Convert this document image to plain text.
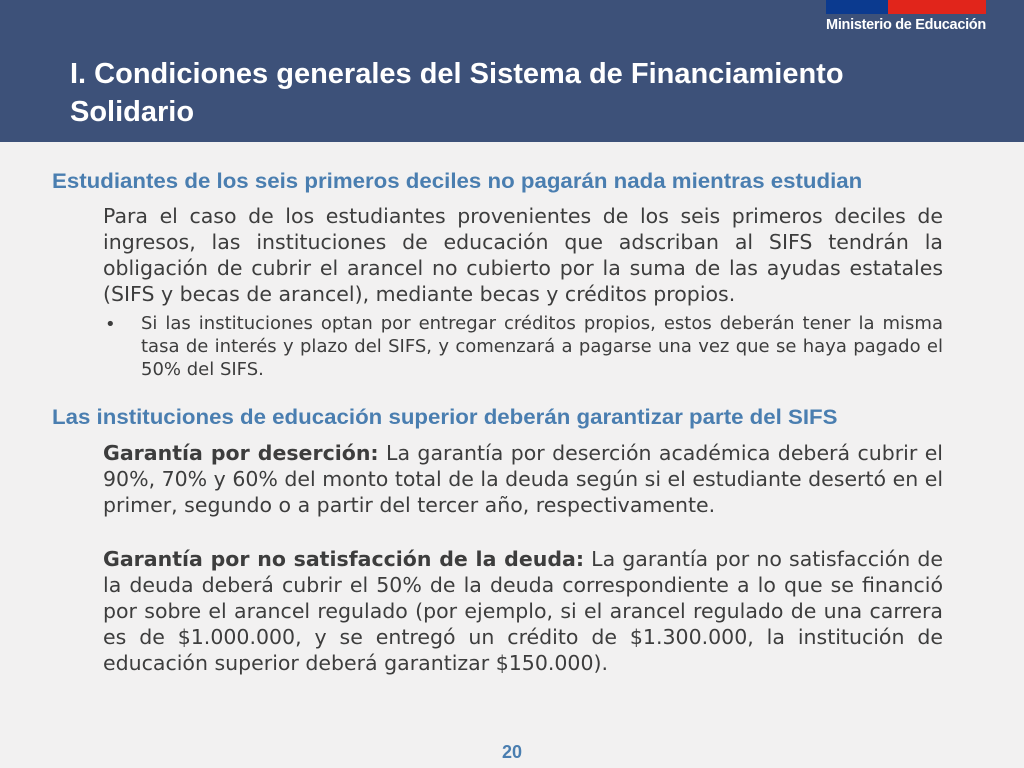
Ministerio de Educación
I. Condiciones generales del Sistema de Financiamiento Solidario
Estudiantes de los seis primeros deciles no pagarán nada mientras estudian
Para el caso de los estudiantes provenientes de los seis primeros deciles de ingresos, las instituciones de educación que adscriban al SIFS tendrán la obligación de cubrir el arancel no cubierto por la suma de las ayudas estatales (SIFS y becas de arancel), mediante becas y créditos propios.
• Si las instituciones optan por entregar créditos propios, estos deberán tener la misma tasa de interés y plazo del SIFS, y comenzará a pagarse una vez que se haya pagado el 50% del SIFS.
Las instituciones de educación superior deberán garantizar parte del SIFS
Garantía por deserción: La garantía por deserción académica deberá cubrir el 90%, 70% y 60% del monto total de la deuda según si el estudiante desertó en el primer, segundo o a partir del tercer año, respectivamente.
Garantía por no satisfacción de la deuda: La garantía por no satisfacción de la deuda deberá cubrir el 50% de la deuda correspondiente a lo que se financió por sobre el arancel regulado (por ejemplo, si el arancel regulado de una carrera es de $1.000.000, y se entregó un crédito de $1.300.000, la institución de educación superior deberá garantizar $150.000).
20
